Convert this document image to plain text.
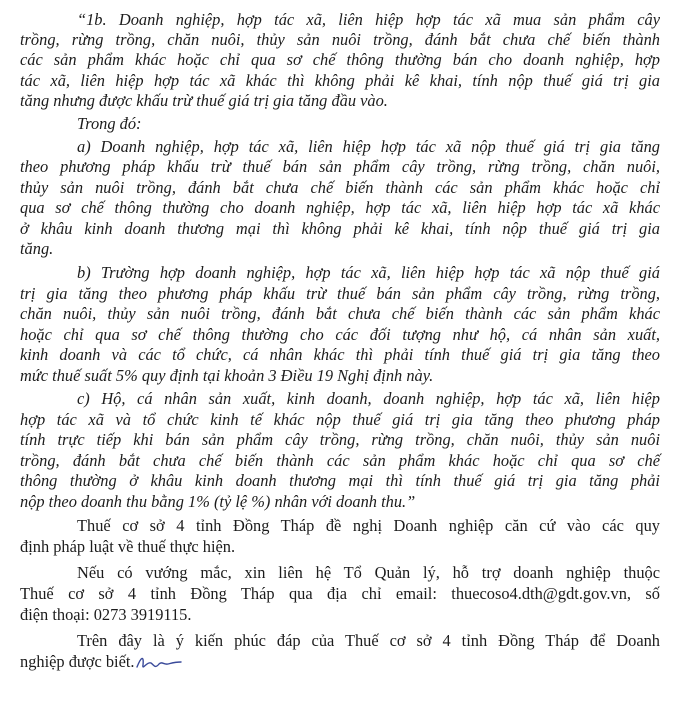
“1b. Doanh nghiệp, hợp tác xã, liên hiệp hợp tác xã mua sản phẩm cây
trồng, rừng trồng, chăn nuôi, thủy sản nuôi trồng, đánh bắt chưa chế biến thành
các sản phẩm khác hoặc chỉ qua sơ chế thông thường bán cho doanh nghiệp, hợp
tác xã, liên hiệp hợp tác xã khác thì không phải kê khai, tính nộp thuế giá trị gia
tăng nhưng được khấu trừ thuế giá trị gia tăng đầu vào.
Trong đó:
a) Doanh nghiệp, hợp tác xã, liên hiệp hợp tác xã nộp thuế giá trị gia tăng
theo phương pháp khấu trừ thuế bán sản phẩm cây trồng, rừng trồng, chăn nuôi,
thủy sản nuôi trồng, đánh bắt chưa chế biến thành các sản phẩm khác hoặc chỉ
qua sơ chế thông thường cho doanh nghiệp, hợp tác xã, liên hiệp hợp tác xã khác
ở khâu kinh doanh thương mại thì không phải kê khai, tính nộp thuế giá trị gia
tăng.
b) Trường hợp doanh nghiệp, hợp tác xã, liên hiệp hợp tác xã nộp thuế giá
trị gia tăng theo phương pháp khấu trừ thuế bán sản phẩm cây trồng, rừng trồng,
chăn nuôi, thủy sản nuôi trồng, đánh bắt chưa chế biến thành các sản phẩm khác
hoặc chỉ qua sơ chế thông thường cho các đối tượng như hộ, cá nhân sản xuất,
kinh doanh và các tổ chức, cá nhân khác thì phải tính thuế giá trị gia tăng theo
mức thuế suất 5% quy định tại khoản 3 Điều 19 Nghị định này.
c) Hộ, cá nhân sản xuất, kinh doanh, doanh nghiệp, hợp tác xã, liên hiệp
hợp tác xã và tổ chức kinh tế khác nộp thuế giá trị gia tăng theo phương pháp
tính trực tiếp khi bán sản phẩm cây trồng, rừng trồng, chăn nuôi, thủy sản nuôi
trồng, đánh bắt chưa chế biến thành các sản phẩm khác hoặc chỉ qua sơ chế
thông thường ở khâu kinh doanh thương mại thì tính thuế giá trị gia tăng phải
nộp theo doanh thu bằng 1% (tỷ lệ %) nhân với doanh thu.”
Thuế cơ sở 4 tỉnh Đồng Tháp đề nghị Doanh nghiệp căn cứ vào các quy
định pháp luật về thuế thực hiện.
Nếu có vướng mắc, xin liên hệ Tổ Quản lý, hỗ trợ doanh nghiệp thuộc
Thuế cơ sở 4 tỉnh Đồng Tháp qua địa chỉ email: thuecoso4.dth@gdt.gov.vn, số
điện thoại: 0273 3919115.
Trên đây là ý kiến phúc đáp của Thuế cơ sở 4 tỉnh Đồng Tháp để Doanh
nghiệp được biết.
